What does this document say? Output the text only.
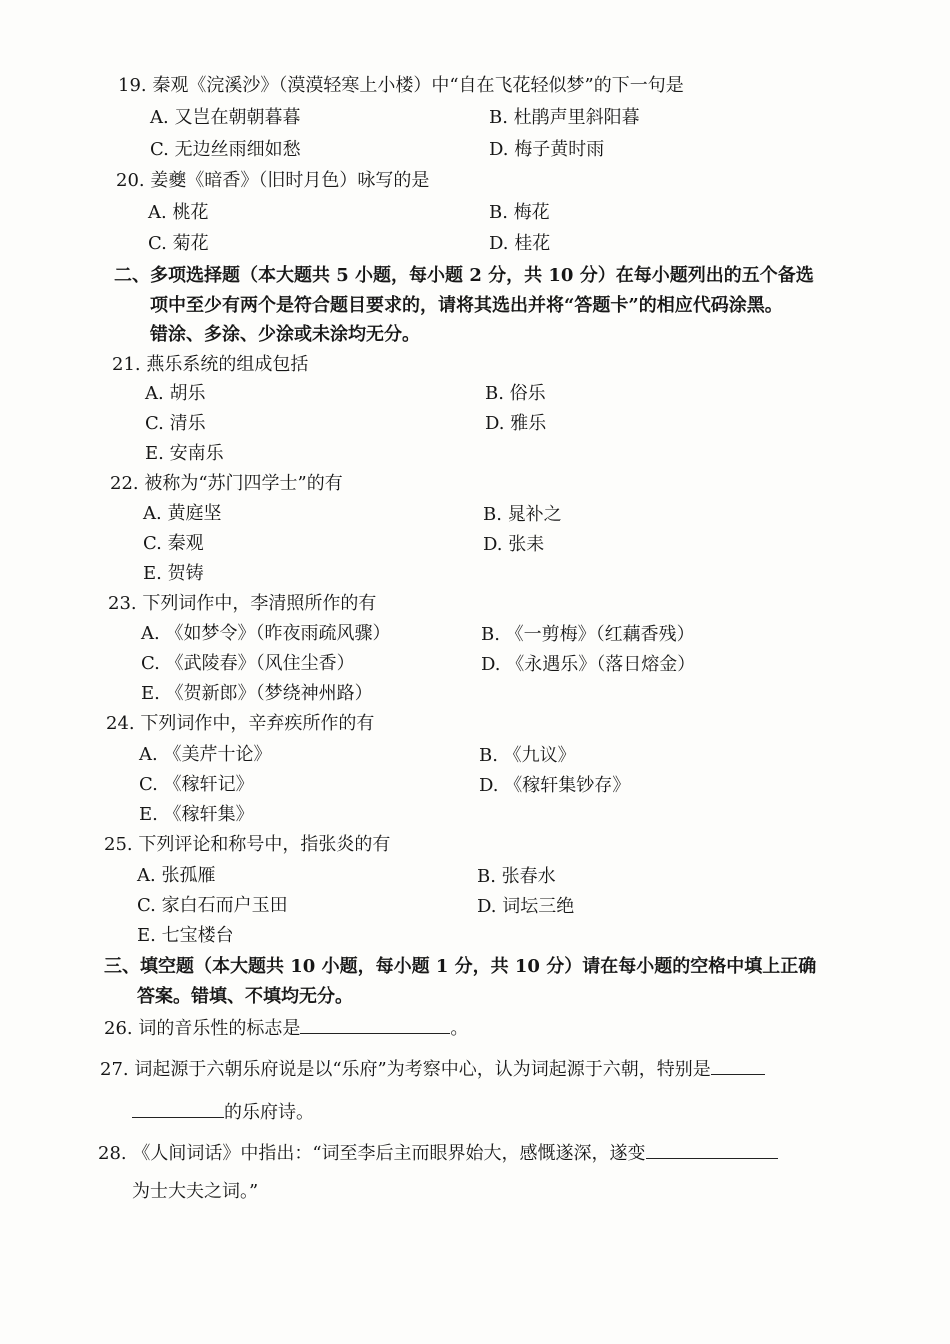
19. 秦观《浣溪沙》（漠漠轻寒上小楼）中“自在飞花轻似梦”的下一句是
A. 又岂在朝朝暮暮	B. 杜鹃声里斜阳暮
C. 无边丝雨细如愁	D. 梅子黄时雨
20. 姜夔《暗香》（旧时月色）咏写的是
A. 桃花	B. 梅花
C. 菊花	D. 桂花
二、多项选择题（本大题共 5 小题，每小题 2 分，共 10 分）在每小题列出的五个备选
项中至少有两个是符合题目要求的，请将其选出并将“答题卡”的相应代码涂黑。
错涂、多涂、少涂或未涂均无分。
21. 燕乐系统的组成包括
A. 胡乐	B. 俗乐
C. 清乐	D. 雅乐
E. 安南乐
22. 被称为“苏门四学士”的有
A. 黄庭坚	B. 晁补之
C. 秦观	D. 张耒
E. 贺铸
23. 下列词作中，李清照所作的有
A. 《如梦令》（昨夜雨疏风骤）	B. 《一剪梅》（红藕香残）
C. 《武陵春》（风住尘香）	D. 《永遇乐》（落日熔金）
E. 《贺新郎》（梦绕神州路）
24. 下列词作中，辛弃疾所作的有
A. 《美芹十论》	B. 《九议》
C. 《稼轩记》	D. 《稼轩集钞存》
E. 《稼轩集》
25. 下列评论和称号中，指张炎的有
A. 张孤雁	B. 张春水
C. 家白石而户玉田	D. 词坛三绝
E. 七宝楼台
三、填空题（本大题共 10 小题，每小题 1 分，共 10 分）请在每小题的空格中填上正确
答案。错填、不填均无分。
26. 词的音乐性的标志是	。
27. 词起源于六朝乐府说是以“乐府”为考察中心，认为词起源于六朝，特别是
的乐府诗。
28. 《人间词话》中指出：“词至李后主而眼界始大，感慨遂深，遂变
为士大夫之词。”
